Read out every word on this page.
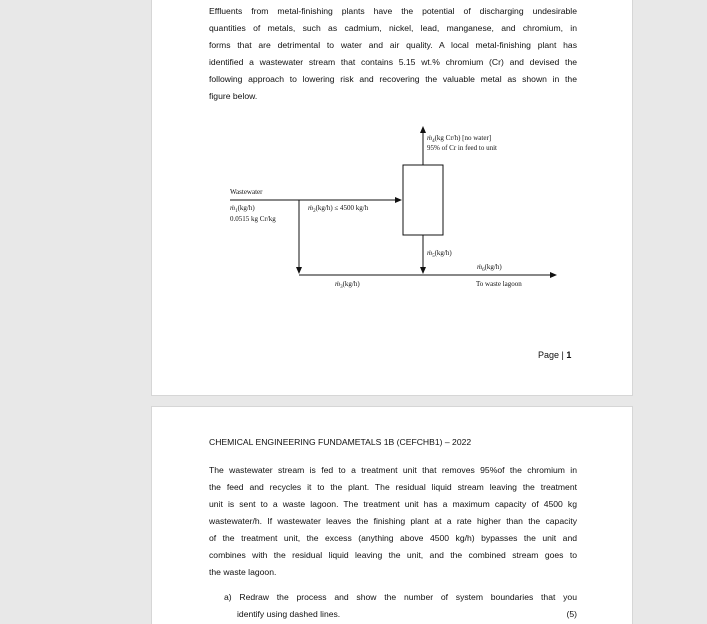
Effluents from metal-finishing plants have the potential of discharging undesirable
quantities of metals, such as cadmium, nickel, lead, manganese, and chromium, in
forms that are detrimental to water and air quality. A local metal-finishing plant has
identified a wastewater stream that contains 5.15 wt.% chromium (Cr) and devised the
following approach to lowering risk and recovering the valuable metal as shown in the
figure below.
ṁ$_4$(kg Cr/h) [no water]
95% of Cr in feed to unit
Wastewater
ṁ$_1$(kg/h)
0.0515 kg Cr/kg
ṁ$_2$(kg/h) ≤ 4500 kg/h
ṁ$_5$(kg/h)
ṁ$_6$(kg/h)
To waste lagoon
ṁ$_3$(kg/h)
Page | 1
CHEMICAL ENGINEERING FUNDAMETALS 1B (CEFCHB1) – 2022
The wastewater stream is fed to a treatment unit that removes 95%of the chromium in
the feed and recycles it to the plant. The residual liquid stream leaving the treatment
unit is sent to a waste lagoon. The treatment unit has a maximum capacity of 4500 kg
wastewater/h. If wastewater leaves the finishing plant at a rate higher than the capacity
of the treatment unit, the excess (anything above 4500 kg/h) bypasses the unit and
combines with the residual liquid leaving the unit, and the combined stream goes to
the waste lagoon.
a) Redraw the process and show the number of system boundaries that you
identify using dashed lines.	(5)
